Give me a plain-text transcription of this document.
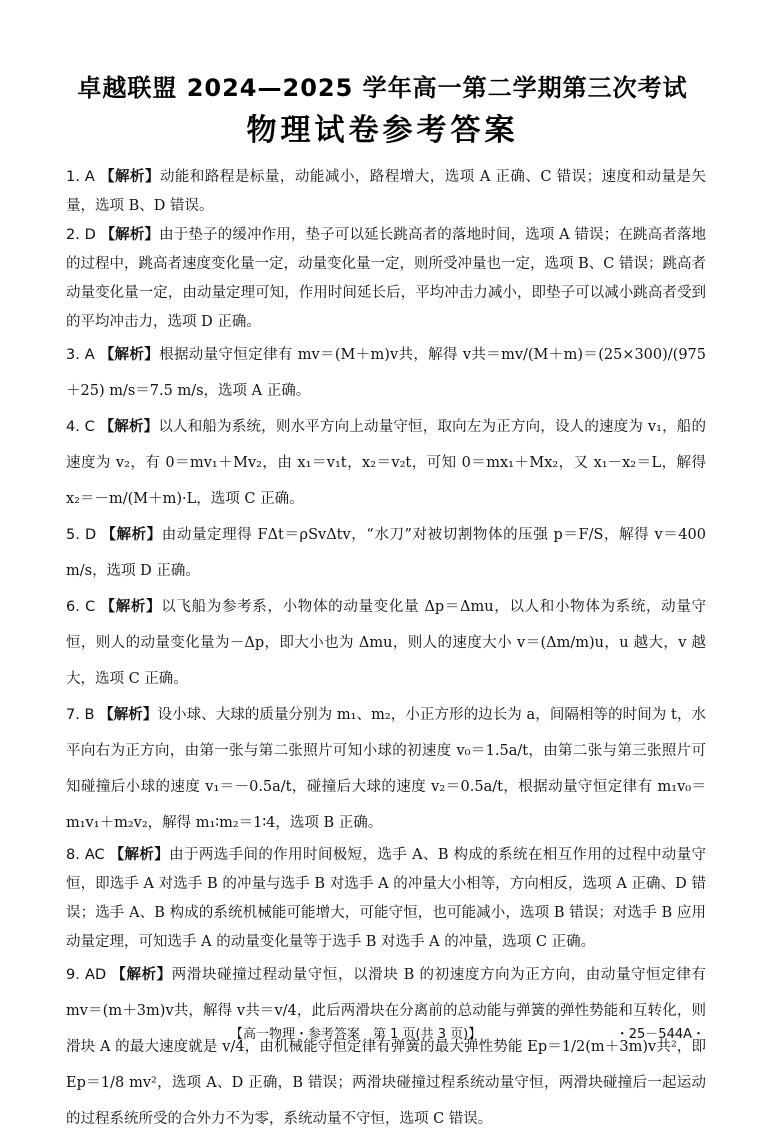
卓越联盟 2024—2025 学年高一第二学期第三次考试
物理试卷参考答案

1. A 【解析】动能和路程是标量，动能减小，路程增大，选项 A 正确、C 错误；速度和动量是矢量，选项 B、D 错误。

2. D 【解析】由于垫子的缓冲作用，垫子可以延长跳高者的落地时间，选项 A 错误；在跳高者落地的过程中，跳高者速度变化量一定，动量变化量一定，则所受冲量也一定，选项 B、C 错误；跳高者动量变化量一定，由动量定理可知，作用时间延长后，平均冲击力减小，即垫子可以减小跳高者受到的平均冲击力，选项 D 正确。

3. A 【解析】根据动量守恒定律有 mv＝(M＋m)v共，解得 v共＝mv/(M＋m)＝(25×300)/(975＋25) m/s＝7.5 m/s，选项 A 正确。

4. C 【解析】以人和船为系统，则水平方向上动量守恒，取向左为正方向，设人的速度为 v₁，船的速度为 v₂，有 0＝mv₁＋Mv₂，由 x₁＝v₁t，x₂＝v₂t，可知 0＝mx₁＋Mx₂，又 x₁－x₂＝L，解得 x₂＝－m/(M＋m)·L，选项 C 正确。

5. D 【解析】由动量定理得 FΔt＝ρSvΔtv，“水刀”对被切割物体的压强 p＝F/S，解得 v＝400 m/s，选项 D 正确。

6. C 【解析】以飞船为参考系，小物体的动量变化量 Δp＝Δmu，以人和小物体为系统，动量守恒，则人的动量变化量为－Δp，即大小也为 Δmu，则人的速度大小 v＝(Δm/m)u，u 越大，v 越大，选项 C 正确。

7. B 【解析】设小球、大球的质量分别为 m₁、m₂，小正方形的边长为 a，间隔相等的时间为 t，水平向右为正方向，由第一张与第二张照片可知小球的初速度 v₀＝1.5a/t，由第二张与第三张照片可知碰撞后小球的速度 v₁＝－0.5a/t，碰撞后大球的速度 v₂＝0.5a/t，根据动量守恒定律有 m₁v₀＝m₁v₁＋m₂v₂，解得 m₁∶m₂＝1∶4，选项 B 正确。

8. AC 【解析】由于两选手间的作用时间极短，选手 A、B 构成的系统在相互作用的过程中动量守恒，即选手 A 对选手 B 的冲量与选手 B 对选手 A 的冲量大小相等，方向相反，选项 A 正确、D 错误；选手 A、B 构成的系统机械能可能增大，可能守恒，也可能减小，选项 B 错误；对选手 B 应用动量定理，可知选手 A 的动量变化量等于选手 B 对选手 A 的冲量，选项 C 正确。

9. AD 【解析】两滑块碰撞过程动量守恒，以滑块 B 的初速度方向为正方向，由动量守恒定律有 mv＝(m＋3m)v共，解得 v共＝v/4，此后两滑块在分离前的总动能与弹簧的弹性势能和互转化，则滑块 A 的最大速度就是 v/4，由机械能守恒定律有弹簧的最大弹性势能 Ep＝1/2(m＋3m)v共²，即 Ep＝1/8 mv²，选项 A、D 正确，B 错误；两滑块碰撞过程系统动量守恒，两滑块碰撞后一起运动的过程系统所受的合外力不为零，系统动量不守恒，选项 C 错误。

【高一物理・参考答案　第 1 页(共 3 页)】	・25－544A・
